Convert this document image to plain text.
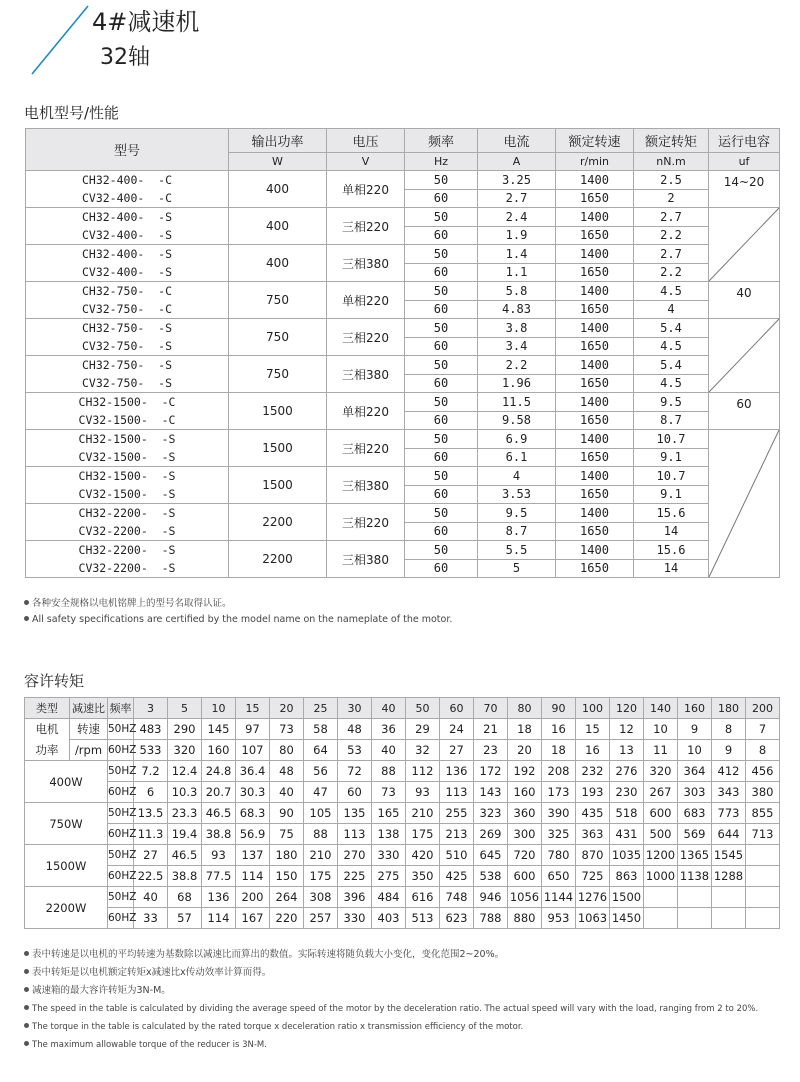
4#减速机
32轴
电机型号/性能
型号	输出功率	电压	频率	电流	额定转速	额定转矩	运行电容
	W	V	Hz	A	r/min	nN.m	uf

CH32-400-  -C
CV32-400-  -C	400	单相220	50	3.25	1400	2.5	14~20
			60	2.7	1650	2	

CH32-400-  -S
CV32-400-  -S	400	三相220	50	2.4	1400	2.7	

			60	1.9	1650	2.2	

CH32-400-  -S
CV32-400-  -S	400	三相380	50	1.4	1400	2.7	
			60	1.1	1650	2.2	

CH32-750-  -C
CV32-750-  -C	750	单相220	50	5.8	1400	4.5	40
			60	4.83	1650	4	

CH32-750-  -S
CV32-750-  -S	750	三相220	50	3.8	1400	5.4	

			60	3.4	1650	4.5	

CH32-750-  -S
CV32-750-  -S	750	三相380	50	2.2	1400	5.4	
			60	1.96	1650	4.5	

CH32-1500-  -C
CV32-1500-  -C	1500	单相220	50	11.5	1400	9.5	60
			60	9.58	1650	8.7	

CH32-1500-  -S
CV32-1500-  -S	1500	三相220	50	6.9	1400	10.7	

			60	6.1	1650	9.1	

CH32-1500-  -S
CV32-1500-  -S	1500	三相380	50	4	1400	10.7	
			60	3.53	1650	9.1	

CH32-2200-  -S
CV32-2200-  -S	2200	三相220	50	9.5	1400	15.6	
			60	8.7	1650	14	

CH32-2200-  -S
CV32-2200-  -S	2200	三相380	50	5.5	1400	15.6	
			60	5	1650	14	
各种安全规格以电机铭牌上的型号名取得认证。
All safety specifications are certified by the model name on the nameplate of the motor.
容许转矩
类型	减速比	频率	3	5	10	15	20	25	30	40	50	60	70	80	90	100	120	140	160	180	200
电机	转速	50HZ	483	290	145	97	73	58	48	36	29	24	21	18	16	15	12	10	9	8	7
功率	/rpm	60HZ	533	320	160	107	80	64	53	40	32	27	23	20	18	16	13	11	10	9	8
400W		50HZ	7.2	12.4	24.8	36.4	48	56	72	88	112	136	172	192	208	232	276	320	364	412	456
		60HZ	6	10.3	20.7	30.3	40	47	60	73	93	113	143	160	173	193	230	267	303	343	380
750W		50HZ	13.5	23.3	46.5	68.3	90	105	135	165	210	255	323	360	390	435	518	600	683	773	855
		60HZ	11.3	19.4	38.8	56.9	75	88	113	138	175	213	269	300	325	363	431	500	569	644	713
1500W		50HZ	27	46.5	93	137	180	210	270	330	420	510	645	720	780	870	1035	1200	1365	1545	
		60HZ	22.5	38.8	77.5	114	150	175	225	275	350	425	538	600	650	725	863	1000	1138	1288	
2200W		50HZ	40	68	136	200	264	308	396	484	616	748	946	1056	1144	1276	1500				
		60HZ	33	57	114	167	220	257	330	403	513	623	788	880	953	1063	1450				
表中转速是以电机的平均转速为基数除以减速比而算出的数值。实际转速将随负载大小变化，变化范围2~20%。
表中转矩是以电机额定转矩x减速比x传动效率计算而得。
减速箱的最大容许转矩为3N-M。
The speed in the table is calculated by dividing the average speed of the motor by the deceleration ratio. The actual speed will vary with the load, ranging from 2 to 20%.
The torque in the table is calculated by the rated torque x deceleration ratio x transmission efficiency of the motor.
The maximum allowable torque of the reducer is 3N-M.
